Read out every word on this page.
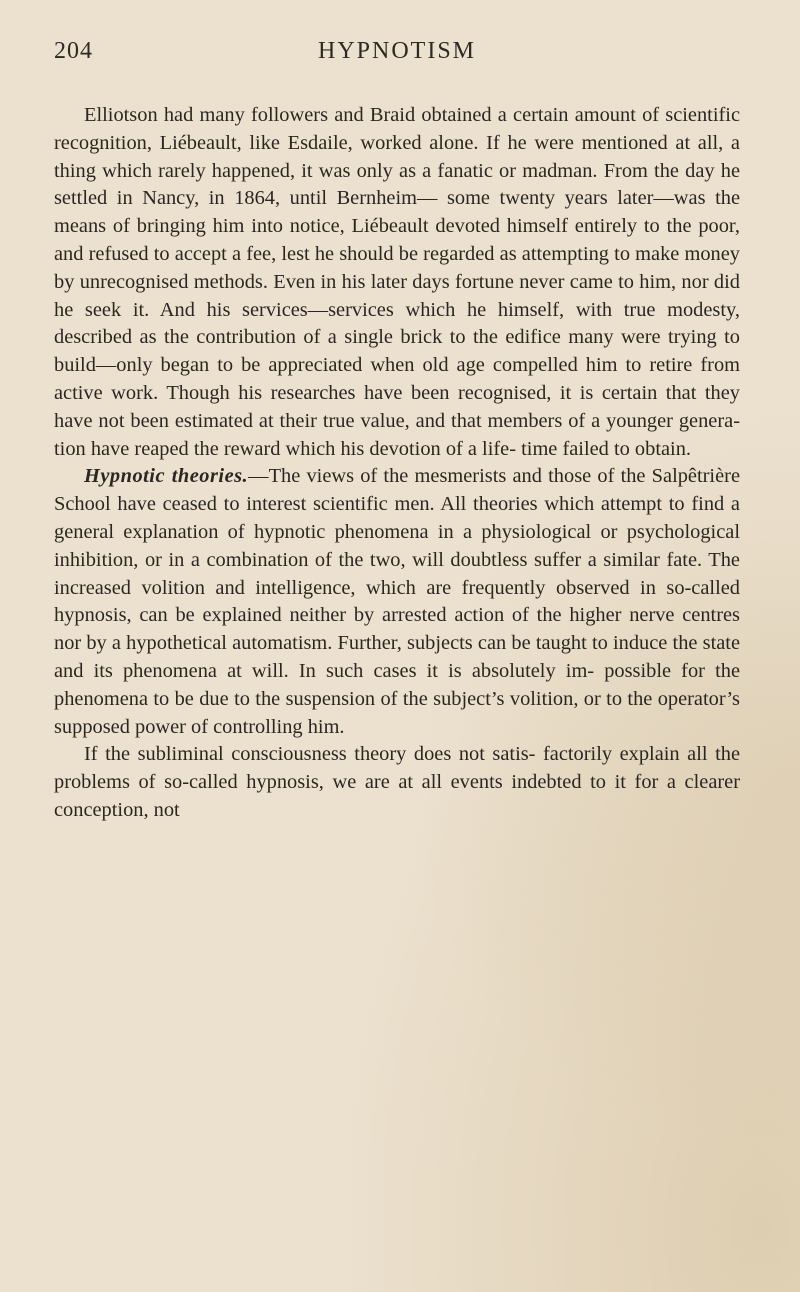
204	HYPNOTISM

Elliotson had many followers and Braid obtained a certain amount of scientific recognition, Liébeault, like Esdaile, worked alone. If he were mentioned at all, a thing which rarely happened, it was only as a fanatic or madman. From the day he settled in Nancy, in 1864, until Bernheim— some twenty years later—was the means of bringing him into notice, Liébeault devoted himself entirely to the poor, and refused to accept a fee, lest he should be regarded as attempting to make money by unrecognised methods. Even in his later days fortune never came to him, nor did he seek it. And his services—services which he himself, with true modesty, described as the contribution of a single brick to the edifice many were trying to build—only began to be appreciated when old age compelled him to retire from active work. Though his researches have been recognised, it is certain that they have not been estimated at their true value, and that members of a younger genera- tion have reaped the reward which his devotion of a life- time failed to obtain.

Hypnotic theories.—The views of the mesmerists and those of the Salpêtrière School have ceased to interest scientific men. All theories which attempt to find a general explanation of hypnotic phenomena in a physiological or psychological inhibition, or in a combination of the two, will doubtless suffer a similar fate. The increased volition and intelligence, which are frequently observed in so-called hypnosis, can be explained neither by arrested action of the higher nerve centres nor by a hypothetical automatism. Further, subjects can be taught to induce the state and its phenomena at will. In such cases it is absolutely im- possible for the phenomena to be due to the suspension of the subject’s volition, or to the operator’s supposed power of controlling him.

If the subliminal consciousness theory does not satis- factorily explain all the problems of so-called hypnosis, we are at all events indebted to it for a clearer conception, not
